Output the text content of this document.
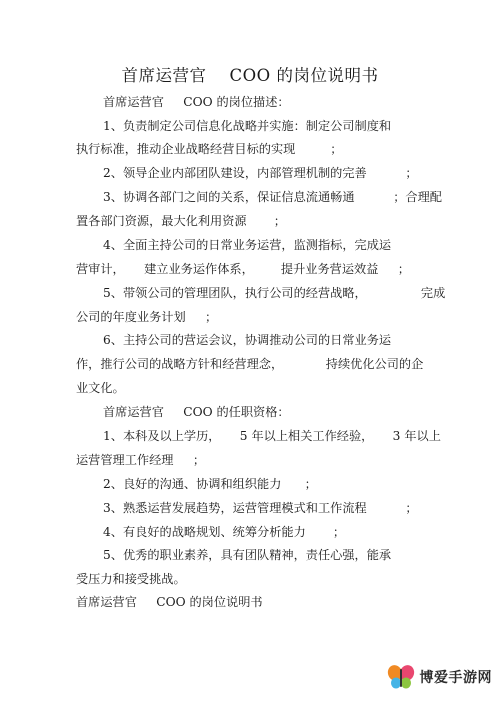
首席运营官    COO 的岗位说明书
首席运营官     COO 的岗位描述：
1、负责制定公司信息化战略并实施：制定公司制度和
执行标准，推动企业战略经营目标的实现         ；
2、领导企业内部团队建设，内部管理机制的完善          ；
3、协调各部门之间的关系，保证信息流通畅通          ；合理配
置各部门资源，最大化利用资源       ；
4、全面主持公司的日常业务运营，监测指标，完成运
营审计，     建立业务运作体系，       提升业务营运效益     ；
5、带领公司的管理团队，执行公司的经营战略，              完成
公司的年度业务计划     ；
6、主持公司的营运会议，协调推动公司的日常业务运
作，推行公司的战略方针和经营理念，           持续优化公司的企
业文化。
首席运营官     COO 的任职资格：
1、本科及以上学历，     5 年以上相关工作经验，     3 年以上
运营管理工作经理     ；
2、良好的沟通、协调和组织能力      ；
3、熟悉运营发展趋势，运营管理模式和工作流程          ；
4、有良好的战略规划、统筹分析能力       ；
5、优秀的职业素养，具有团队精神，责任心强，能承
受压力和接受挑战。
首席运营官     COO 的岗位说明书
博爱手游网
